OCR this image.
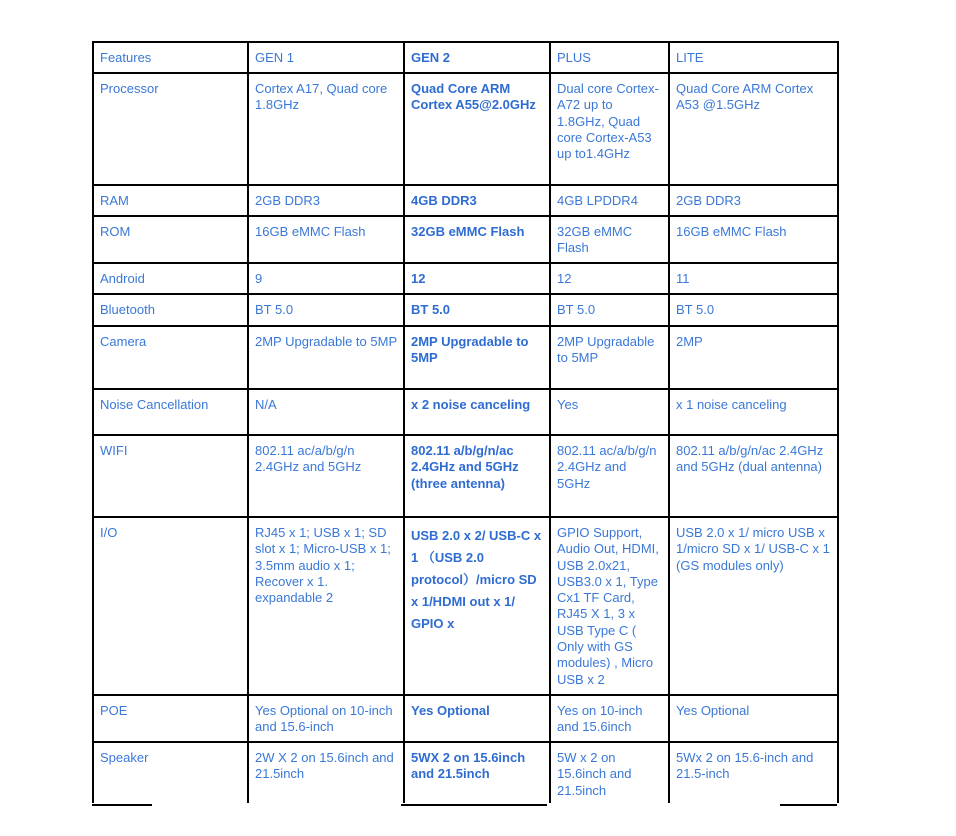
Features	GEN 1	GEN 2	PLUS	LITE
Processor	Cortex A17, Quad core 1.8GHz	Quad Core ARM Cortex A55@2.0GHz	Dual core Cortex-A72 up to 1.8GHz, Quad core Cortex-A53 up to1.4GHz	Quad Core ARM Cortex A53 @1.5GHz
RAM	2GB DDR3	4GB DDR3	4GB LPDDR4	2GB DDR3
ROM	16GB eMMC Flash	32GB eMMC Flash	32GB eMMC Flash	16GB eMMC Flash
Android	9	12	12	11
Bluetooth	BT 5.0	BT 5.0	BT 5.0	BT 5.0
Camera	2MP Upgradable to 5MP	2MP Upgradable to 5MP	2MP Upgradable to 5MP	2MP
Noise Cancellation	N/A	x 2 noise canceling	Yes	x 1 noise canceling
WIFI	802.11 ac/a/b/g/n 2.4GHz and 5GHz	802.11 a/b/g/n/ac 2.4GHz and 5GHz (three antenna)	802.11 ac/a/b/g/n 2.4GHz and 5GHz	802.11 a/b/g/n/ac 2.4GHz and 5GHz (dual antenna)
I/O	RJ45 x 1; USB x 1; SD slot x 1; Micro-USB x 1; 3.5mm audio x 1; Recover x 1. expandable 2	USB 2.0 x 2/ USB-C x 1 （USB 2.0 protocol）/micro SD x 1/HDMI out x 1/ GPIO x	GPIO Support, Audio Out, HDMI, USB 2.0x21, USB3.0 x 1, Type Cx1 TF Card, RJ45 X 1, 3 x USB Type C ( Only with GS modules) , Micro USB x 2	USB 2.0 x 1/ micro USB x 1/micro SD x 1/ USB-C x 1 (GS modules only)
POE	Yes Optional on 10-inch and 15.6-inch	Yes Optional	Yes on 10-inch and 15.6inch	Yes Optional
Speaker	2W X 2 on 15.6inch and 21.5inch	5WX 2 on 15.6inch and 21.5inch	5W x 2 on 15.6inch and 21.5inch	5Wx 2 on 15.6-inch and 21.5-inch
